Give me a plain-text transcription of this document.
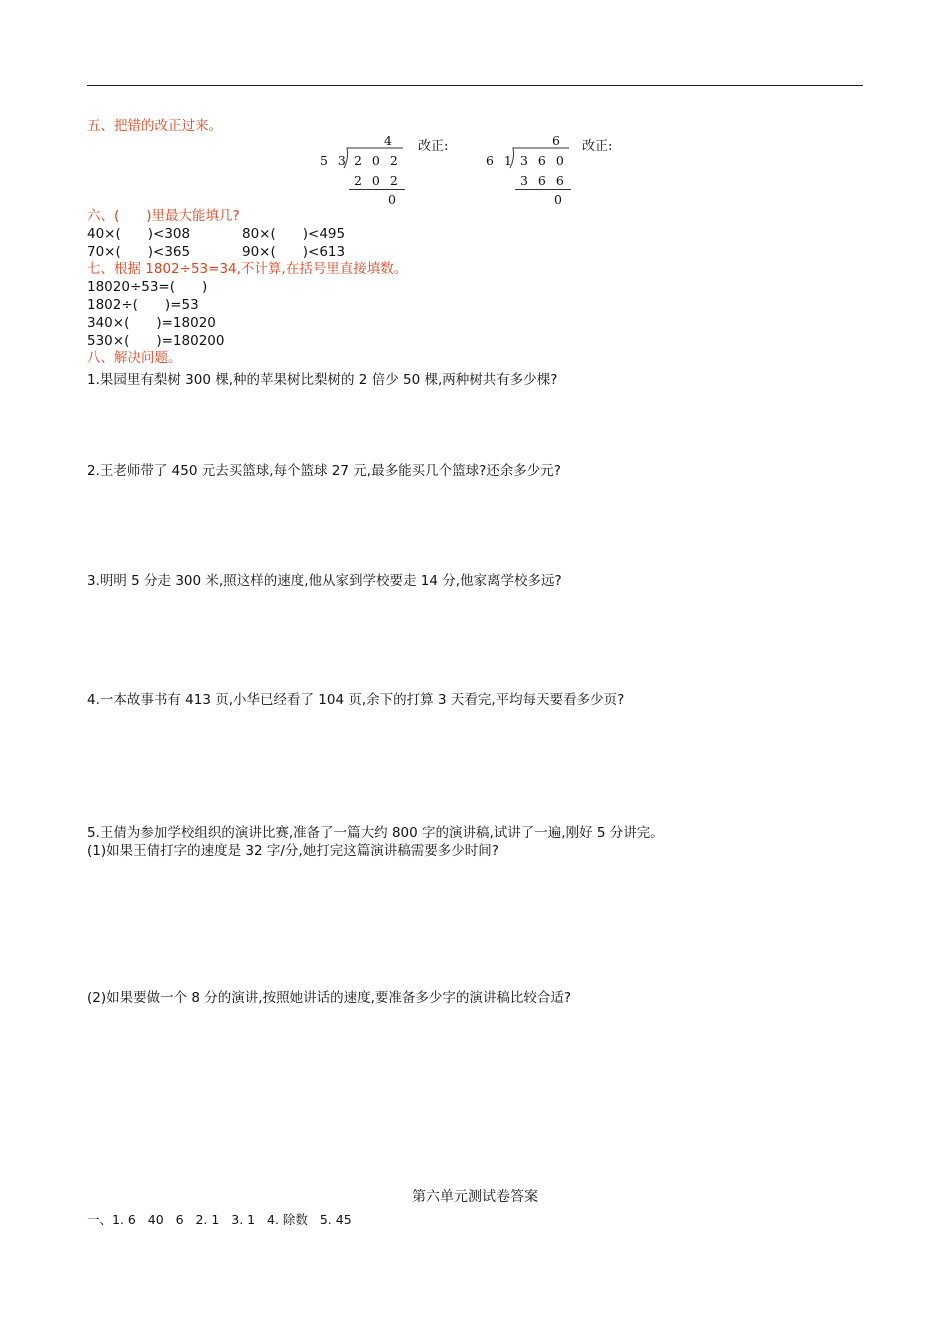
五、把错的改正过来。
4
5 3 2 0 2
2 0 2
0
改正:	6
6 1 3 6 0
3 6 6
0
改正:
六、(　　)里最大能填几?
40×(　　)<308	80×(　　)<495
70×(　　)<365	90×(　　)<613
七、根据 1802÷53=34,不计算,在括号里直接填数。
18020÷53=(　　)
1802÷(　　)=53
340×(　　)=18020
530×(　　)=180200
八、解决问题。
1.果园里有梨树 300 棵,种的苹果树比梨树的 2 倍少 50 棵,两种树共有多少棵?
2.王老师带了 450 元去买篮球,每个篮球 27 元,最多能买几个篮球?还余多少元?
3.明明 5 分走 300 米,照这样的速度,他从家到学校要走 14 分,他家离学校多远?
4.一本故事书有 413 页,小华已经看了 104 页,余下的打算 3 天看完,平均每天要看多少页?
5.王倩为参加学校组织的演讲比赛,准备了一篇大约 800 字的演讲稿,试讲了一遍,刚好 5 分讲完。
(1)如果王倩打字的速度是 32 字/分,她打完这篇演讲稿需要多少时间?
(2)如果要做一个 8 分的演讲,按照她讲话的速度,要准备多少字的演讲稿比较合适?
第六单元测试卷答案
一、1. 6   40   6   2. 1   3. 1   4. 除数   5. 45
